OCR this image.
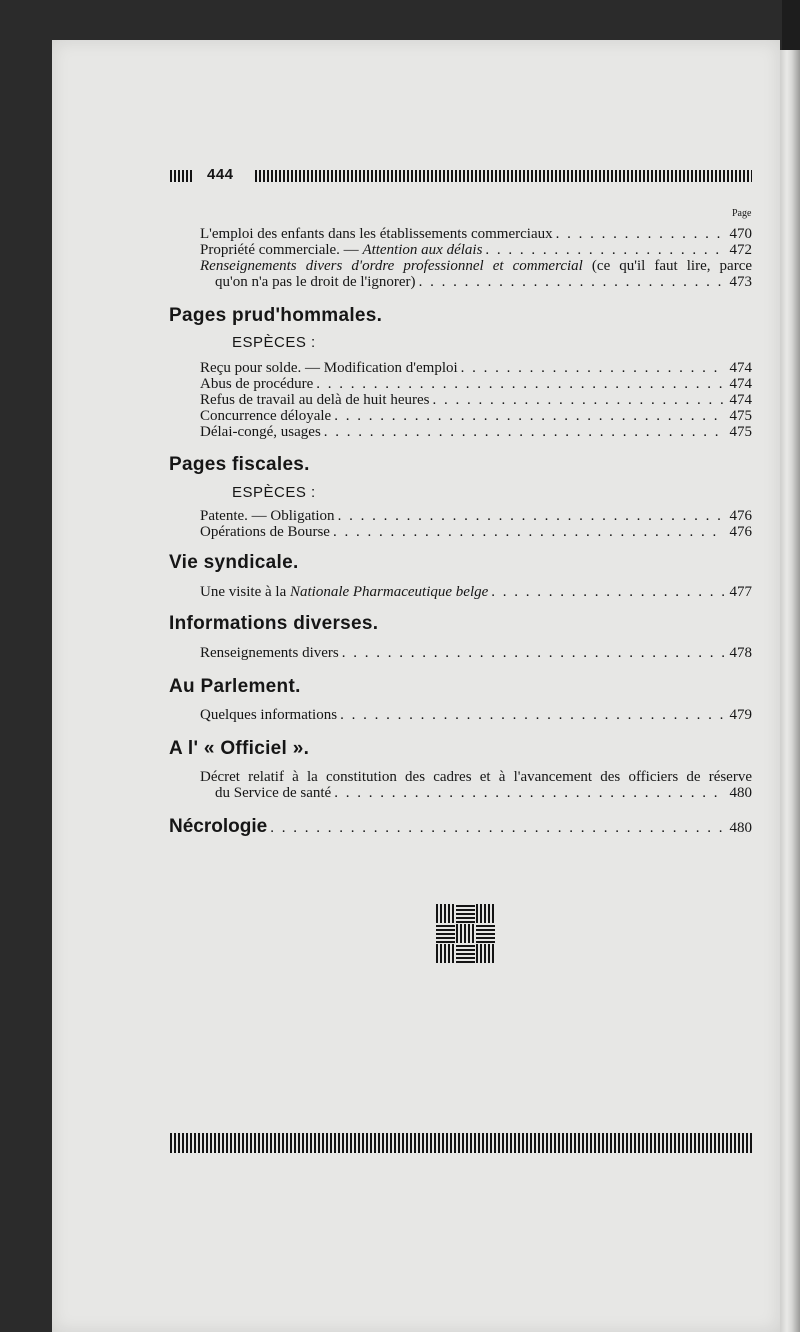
444
Page
L'emploi des enfants dans les établissements commerciaux . . .	470
Propriété commerciale. — Attention aux délais . . .	472
Renseignements divers d'ordre professionnel et commercial (ce qu'il faut lire, parce
qu'on n'a pas le droit de l'ignorer) . . .	473
Pages prud'hommales.
ESPÈCES :
Reçu pour solde. — Modification d'emploi . . .	474
Abus de procédure . . .	474
Refus de travail au delà de huit heures . . .	474
Concurrence déloyale . . .	475
Délai-congé, usages . . .	475
Pages fiscales.
ESPÈCES :
Patente. — Obligation . . .	476
Opérations de Bourse . . .	476
Vie syndicale.
Une visite à la Nationale Pharmaceutique belge . . .	477
Informations diverses.
Renseignements divers . . .	478
Au Parlement.
Quelques informations . . .	479
A l' « Officiel ».
Décret relatif à la constitution des cadres et à l'avancement des officiers de réserve
du Service de santé . . .	480
Nécrologie . . .	480
